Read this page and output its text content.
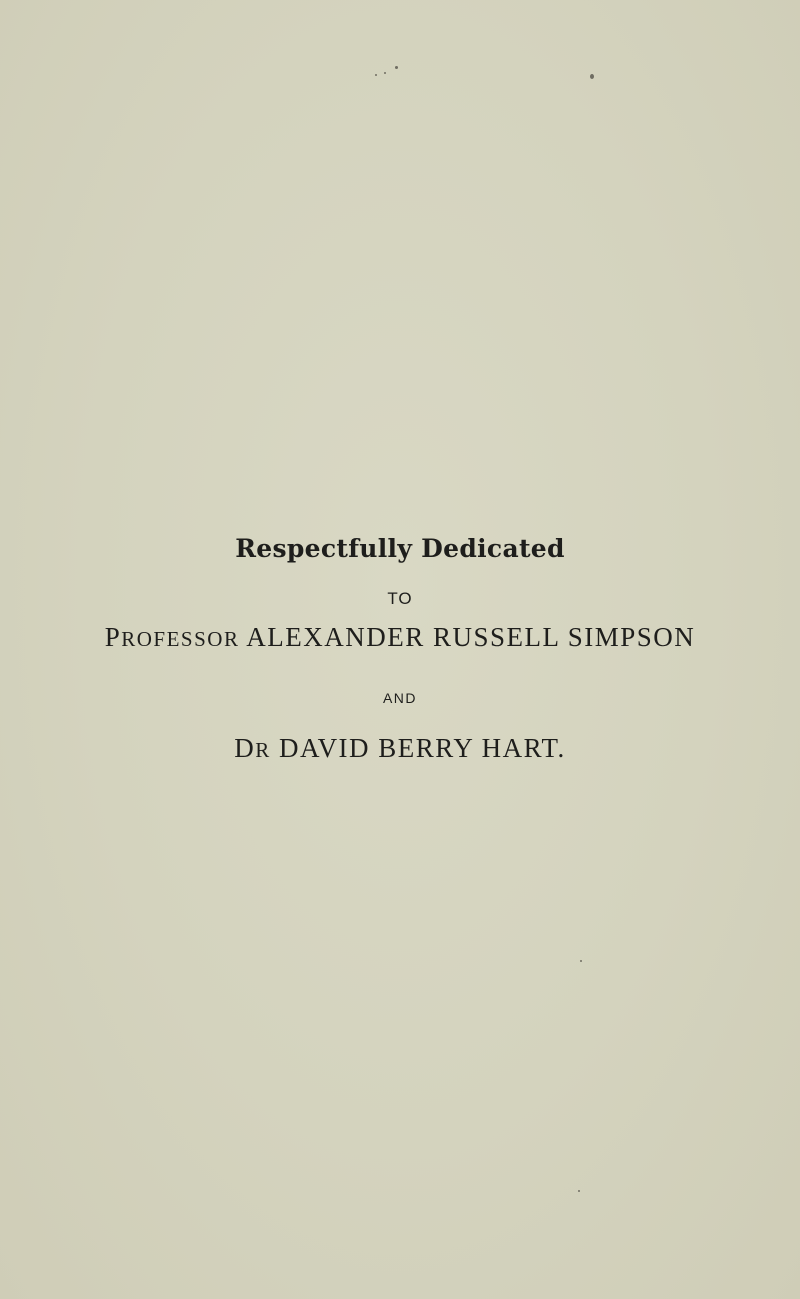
Respectfully Dedicated
TO
PROFESSOR ALEXANDER RUSSELL SIMPSON
AND
DR DAVID BERRY HART.
